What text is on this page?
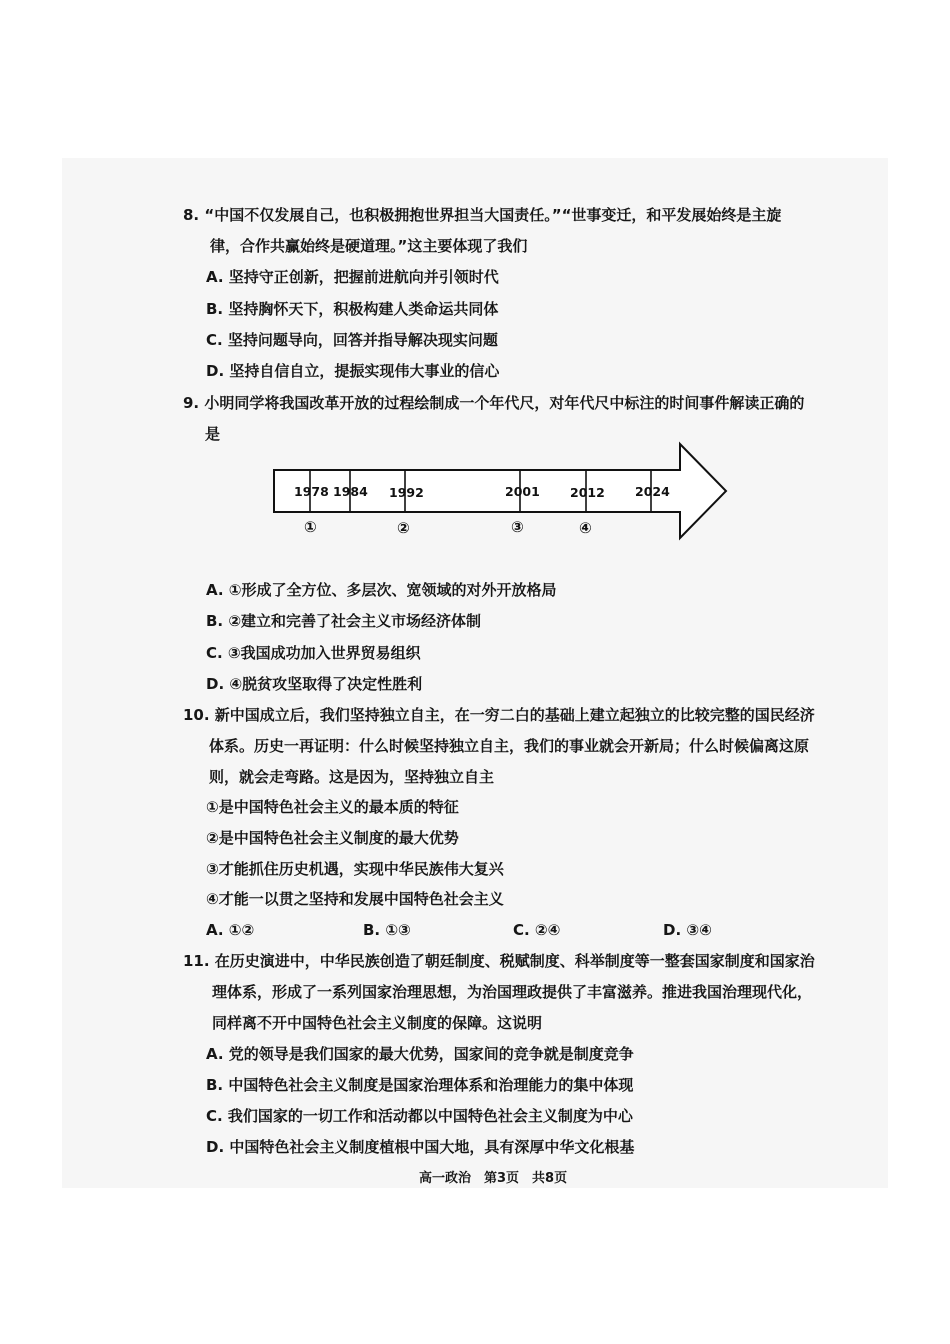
8. “中国不仅发展自己，也积极拥抱世界担当大国责任。”“世事变迁，和平发展始终是主旋
律，合作共赢始终是硬道理。”这主要体现了我们
A. 坚持守正创新，把握前进航向并引领时代
B. 坚持胸怀天下，积极构建人类命运共同体
C. 坚持问题导向，回答并指导解决现实问题
D. 坚持自信自立，提振实现伟大事业的信心
9. 小明同学将我国改革开放的过程绘制成一个年代尺，对年代尺中标注的时间事件解读正确的
是
1978 1984 1992	2001 2012 2024
①	②	③	④
A. ①形成了全方位、多层次、宽领域的对外开放格局
B. ②建立和完善了社会主义市场经济体制
C. ③我国成功加入世界贸易组织
D. ④脱贫攻坚取得了决定性胜利
10. 新中国成立后，我们坚持独立自主，在一穷二白的基础上建立起独立的比较完整的国民经济
体系。历史一再证明：什么时候坚持独立自主，我们的事业就会开新局；什么时候偏离这原
则，就会走弯路。这是因为，坚持独立自主
①是中国特色社会主义的最本质的特征
②是中国特色社会主义制度的最大优势
③才能抓住历史机遇，实现中华民族伟大复兴
④才能一以贯之坚持和发展中国特色社会主义
A. ①②	B. ①③	C. ②④	D. ③④
11. 在历史演进中，中华民族创造了朝廷制度、税赋制度、科举制度等一整套国家制度和国家治
理体系，形成了一系列国家治理思想，为治国理政提供了丰富滋养。推进我国治理现代化，
同样离不开中国特色社会主义制度的保障。这说明
A. 党的领导是我们国家的最大优势，国家间的竞争就是制度竞争
B. 中国特色社会主义制度是国家治理体系和治理能力的集中体现
C. 我们国家的一切工作和活动都以中国特色社会主义制度为中心
D. 中国特色社会主义制度植根中国大地，具有深厚中华文化根基
高一政治　第3页　共8页
